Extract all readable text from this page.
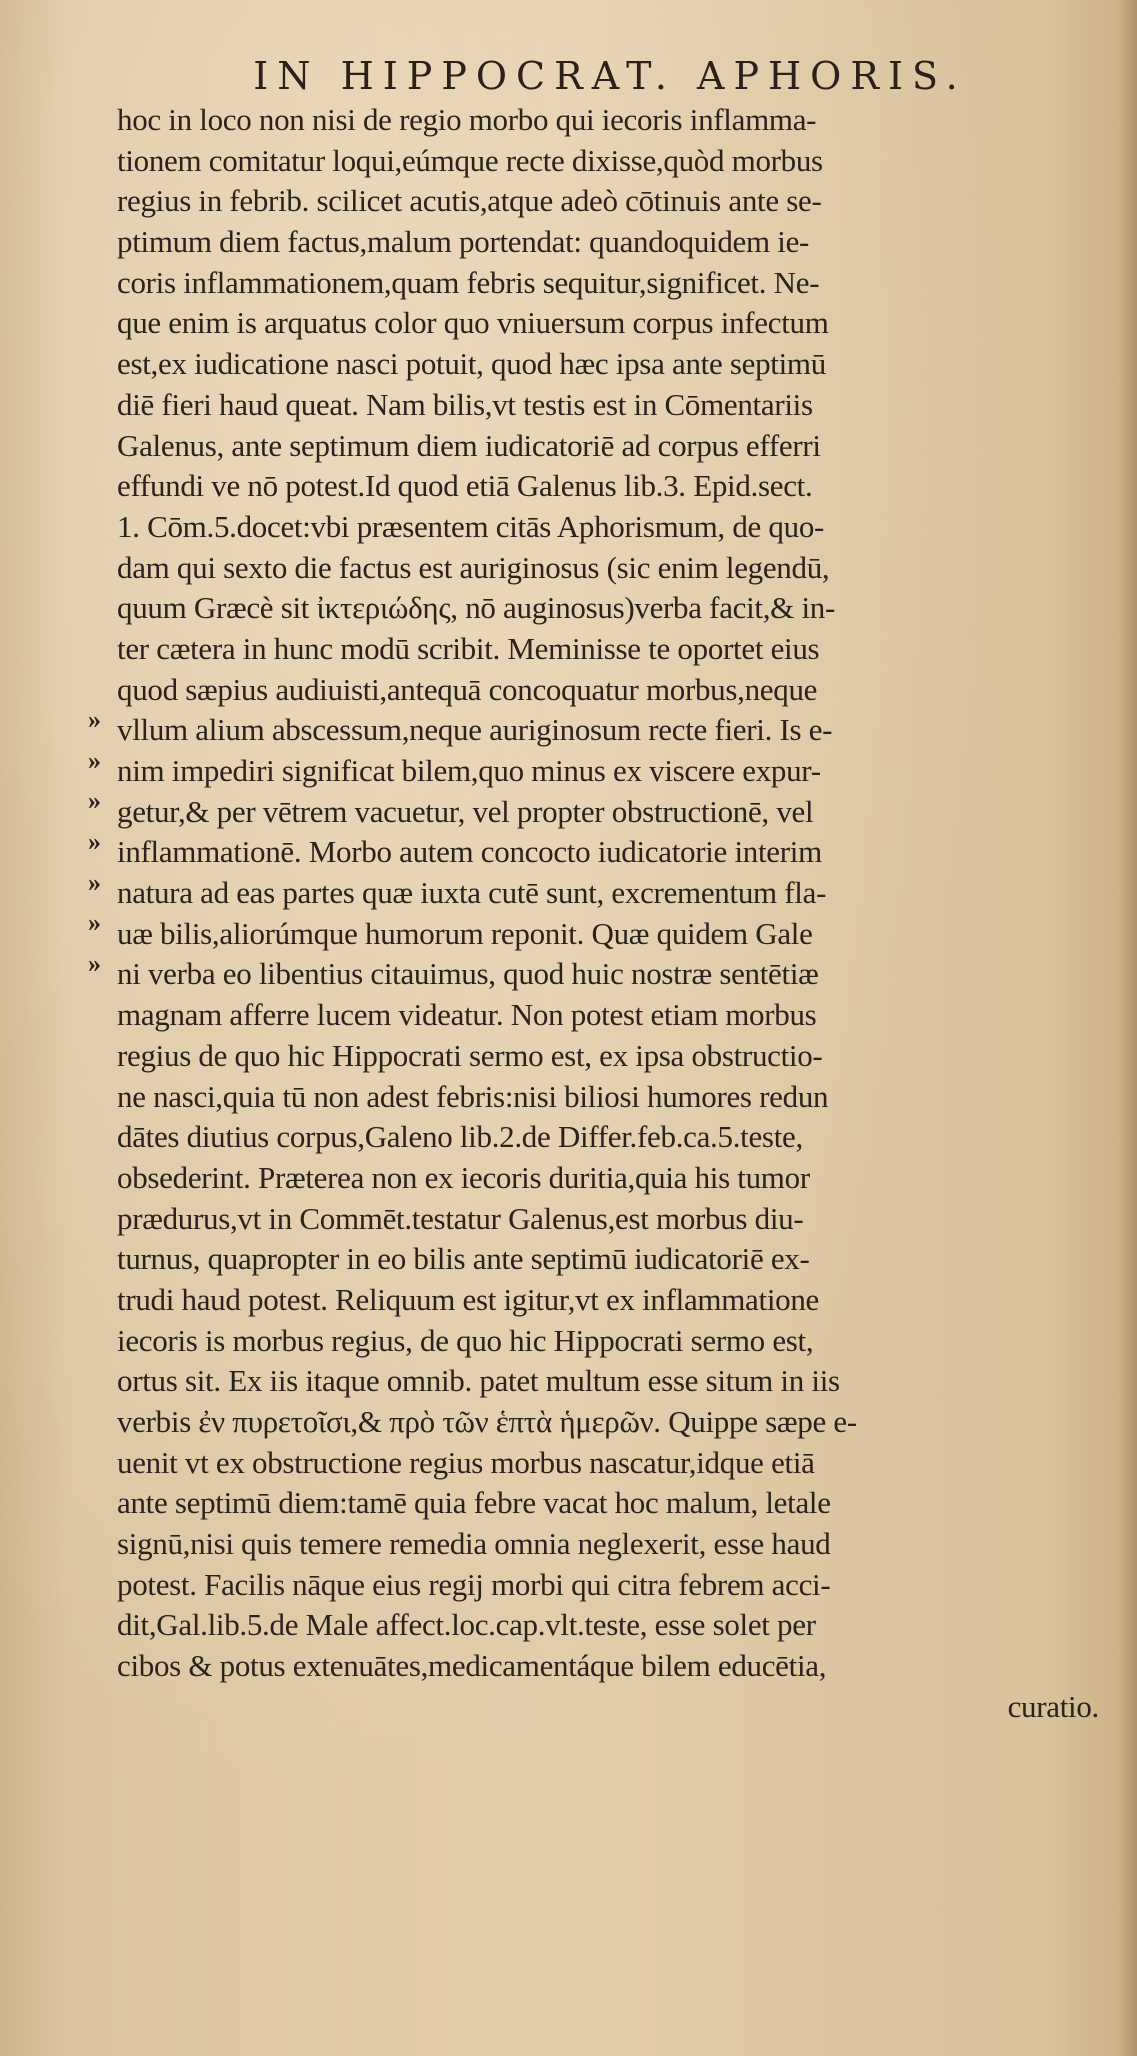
IN HIPPOCRAT. APHORIS.
»
»
»
»
»
»
»
hoc in loco non nisi de regio morbo qui iecoris inflamma-
tionem comitatur loqui,eúmque recte dixisse,quòd morbus
regius in febrib. scilicet acutis,atque adeò cōtinuis ante se-
ptimum diem factus,malum portendat: quandoquidem ie-
coris inflammationem,quam febris sequitur,significet. Ne-
que enim is arquatus color quo vniuersum corpus infectum
est,ex iudicatione nasci potuit, quod hæc ipsa ante septimū
diē fieri haud queat. Nam bilis,vt testis est in Cōmentariis
Galenus, ante septimum diem iudicatoriē ad corpus efferri
effundi ve nō potest.Id quod etiā Galenus lib.3. Epid.sect.
1. Cōm.5.docet:vbi præsentem citās Aphorismum, de quo-
dam qui sexto die factus est auriginosus (sic enim legendū,
quum Græcè sit ἰκτεριώδης, nō auginosus)verba facit,& in-
ter cætera in hunc modū scribit. Meminisse te oportet eius
quod sæpius audiuisti,antequā concoquatur morbus,neque
vllum alium abscessum,neque auriginosum recte fieri. Is e-
nim impediri significat bilem,quo minus ex viscere expur-
getur,& per vētrem vacuetur, vel propter obstructionē, vel
inflammationē. Morbo autem concocto iudicatorie interim
natura ad eas partes quæ iuxta cutē sunt, excrementum fla-
uæ bilis,aliorúmque humorum reponit. Quæ quidem Gale
ni verba eo libentius citauimus, quod huic nostræ sentētiæ
magnam afferre lucem videatur. Non potest etiam morbus
regius de quo hic Hippocrati sermo est, ex ipsa obstructio-
ne nasci,quia tū non adest febris:nisi biliosi humores redun
dātes diutius corpus,Galeno lib.2.de Differ.feb.ca.5.teste,
obsederint. Præterea non ex iecoris duritia,quia his tumor
prædurus,vt in Commēt.testatur Galenus,est morbus diu-
turnus, quapropter in eo bilis ante septimū iudicatoriē ex-
trudi haud potest. Reliquum est igitur,vt ex inflammatione
iecoris is morbus regius, de quo hic Hippocrati sermo est,
ortus sit. Ex iis itaque omnib. patet multum esse situm in iis
verbis ἐν πυρετοῖσι,& πρὸ τῶν ἑπτὰ ἡμερῶν. Quippe sæpe e-
uenit vt ex obstructione regius morbus nascatur,idque etiā
ante septimū diem:tamē quia febre vacat hoc malum, letale
signū,nisi quis temere remedia omnia neglexerit, esse haud
potest. Facilis nāque eius regij morbi qui citra febrem acci-
dit,Gal.lib.5.de Male affect.loc.cap.vlt.teste, esse solet per
cibos & potus extenuātes,medicamentáque bilem educētia,
curatio.
